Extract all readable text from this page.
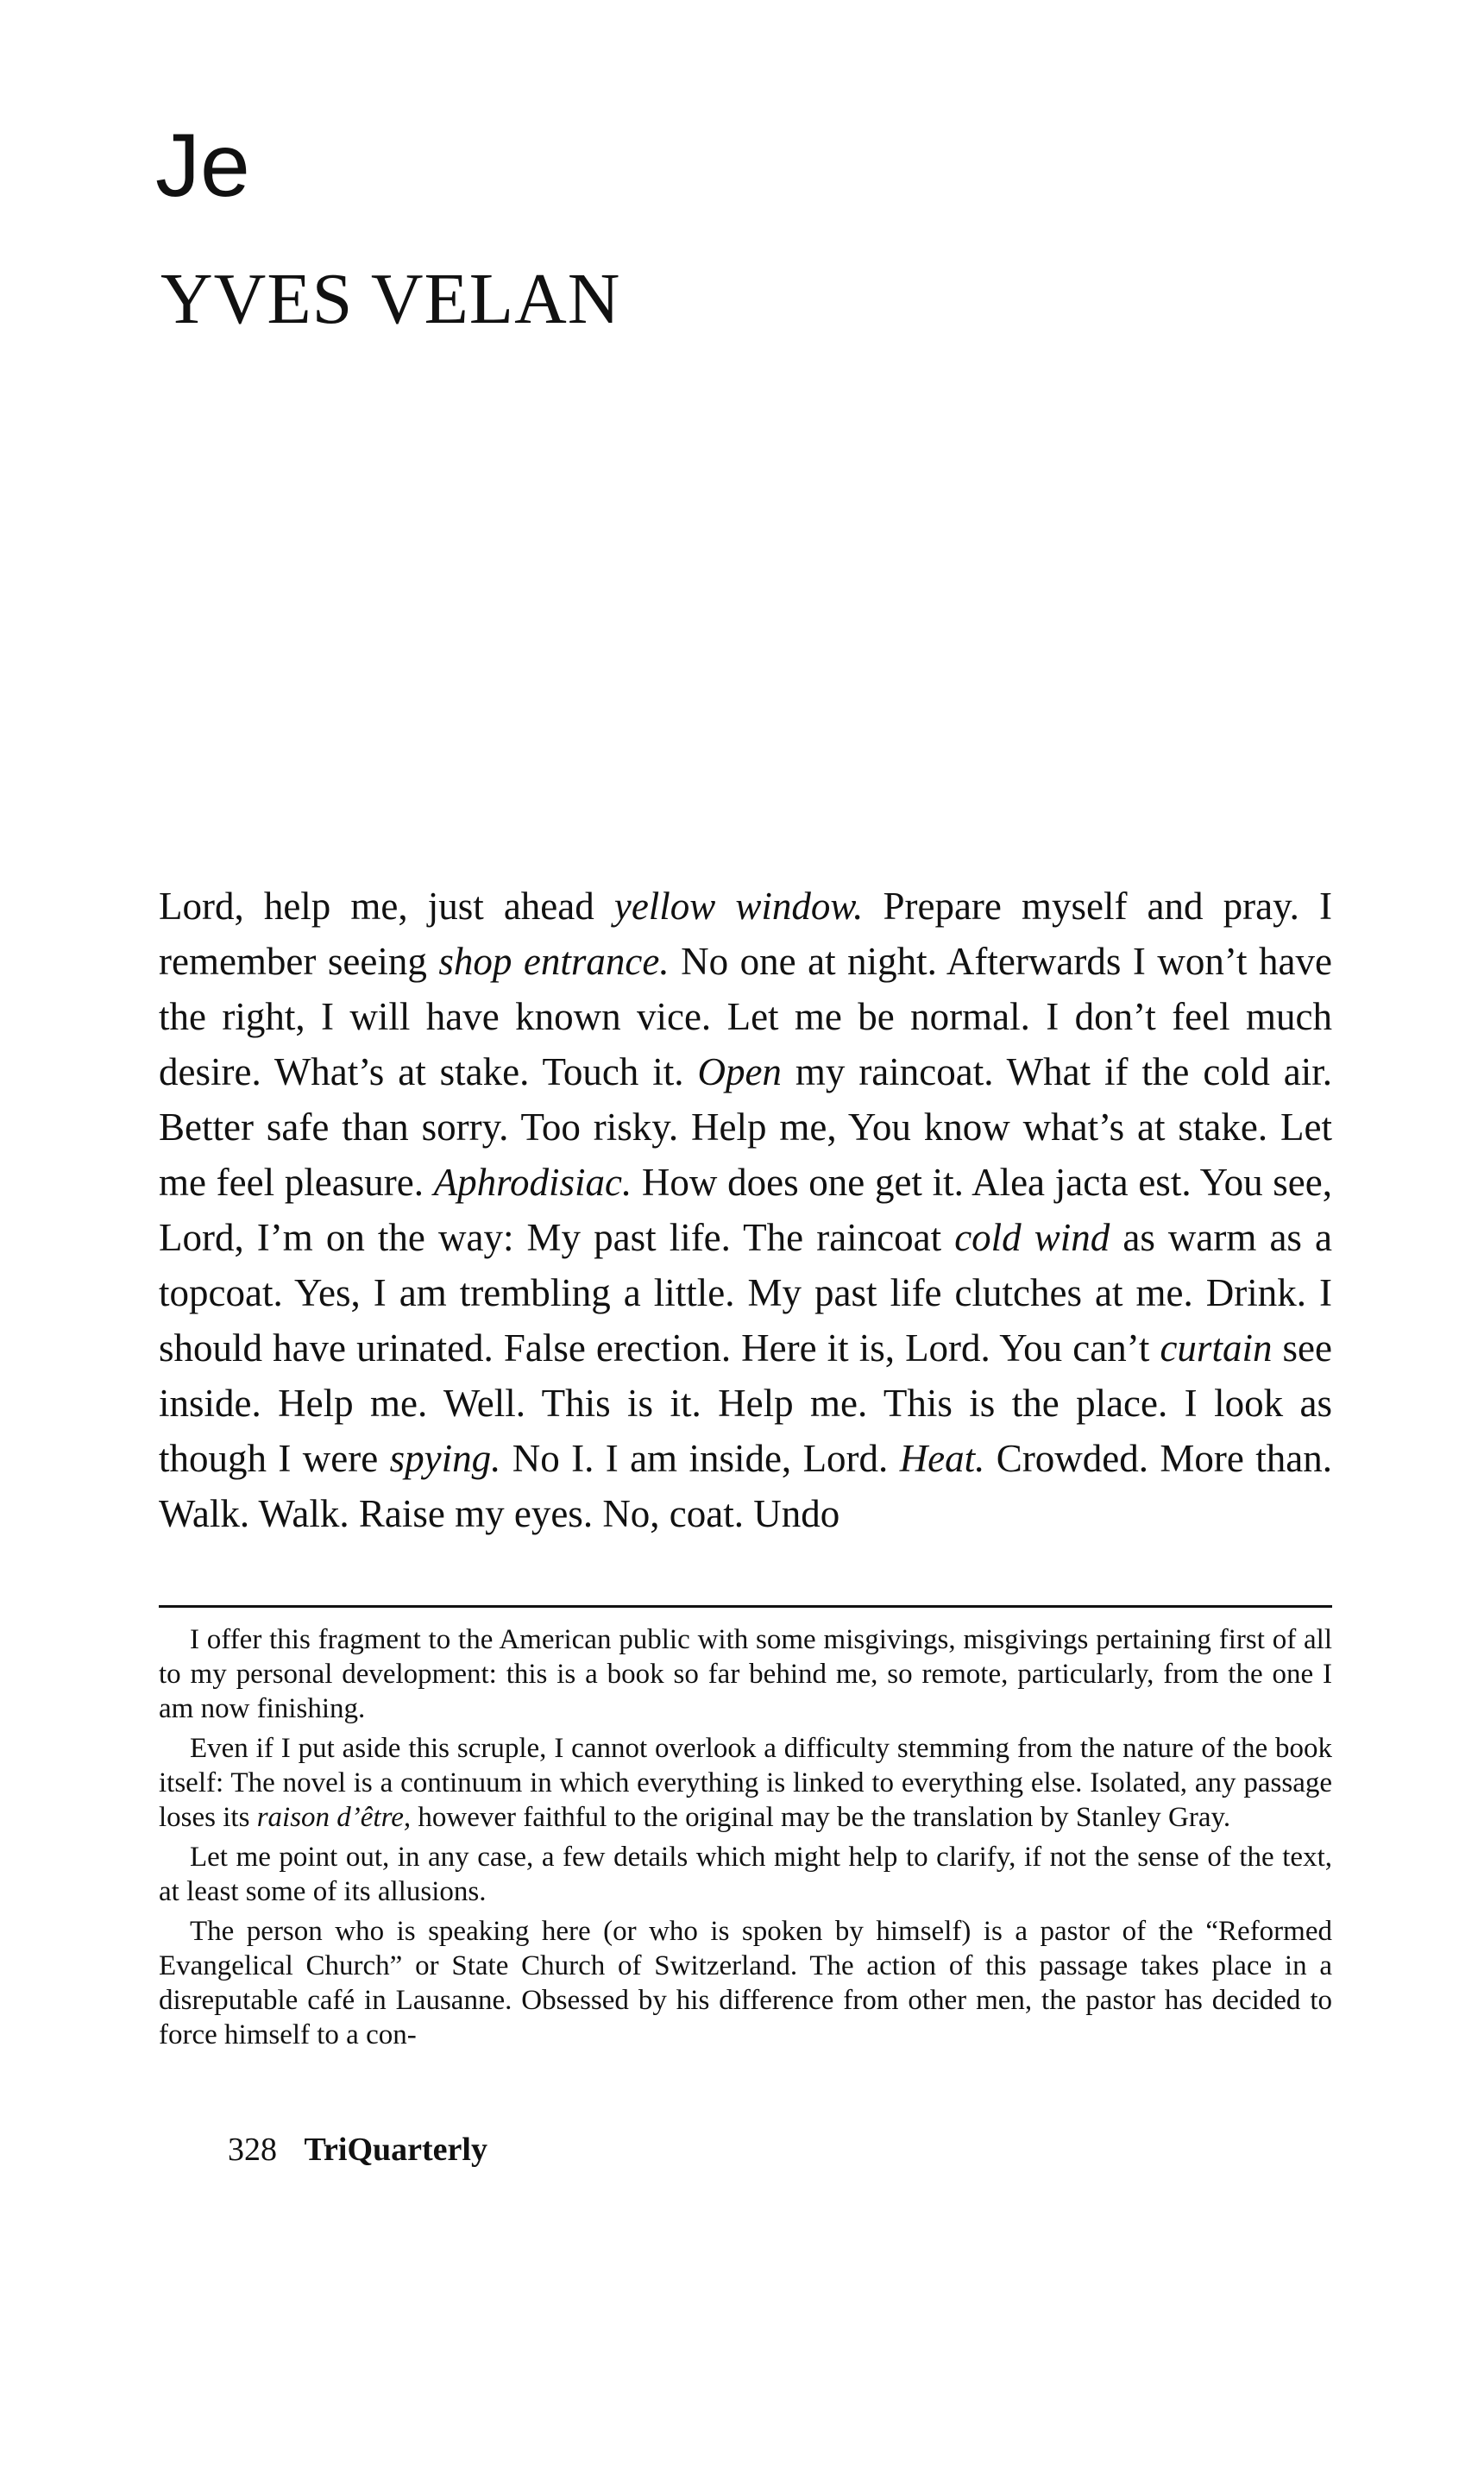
Je
YVES VELAN

Lord, help me, just ahead yellow window. Prepare myself and pray. I remember seeing shop entrance. No one at night. Afterwards I won’t have the right, I will have known vice. Let me be normal. I don’t feel much desire. What’s at stake. Touch it. Open my raincoat. What if the cold air. Better safe than sorry. Too risky. Help me, You know what’s at stake. Let me feel pleasure. Aphrodisiac. How does one get it. Alea jacta est. You see, Lord, I’m on the way: My past life. The raincoat cold wind as warm as a topcoat. Yes, I am trembling a little. My past life clutches at me. Drink. I should have urinated. False erection. Here it is, Lord. You can’t curtain see inside. Help me. Well. This is it. Help me. This is the place. I look as though I were spying. No I. I am inside, Lord. Heat. Crowded. More than. Walk. Walk. Raise my eyes. No, coat. Undo

I offer this fragment to the American public with some misgivings, misgivings pertaining first of all to my personal development: this is a book so far behind me, so remote, particularly, from the one I am now finishing.

Even if I put aside this scruple, I cannot overlook a difficulty stemming from the nature of the book itself: The novel is a continuum in which everything is linked to everything else. Isolated, any passage loses its raison d’être, however faithful to the original may be the translation by Stanley Gray.

Let me point out, in any case, a few details which might help to clarify, if not the sense of the text, at least some of its allusions.

The person who is speaking here (or who is spoken by himself) is a pastor of the “Reformed Evangelical Church” or State Church of Switzerland. The action of this passage takes place in a disreputable café in Lausanne. Obsessed by his difference from other men, the pastor has decided to force himself to a con-

328 TriQuarterly
